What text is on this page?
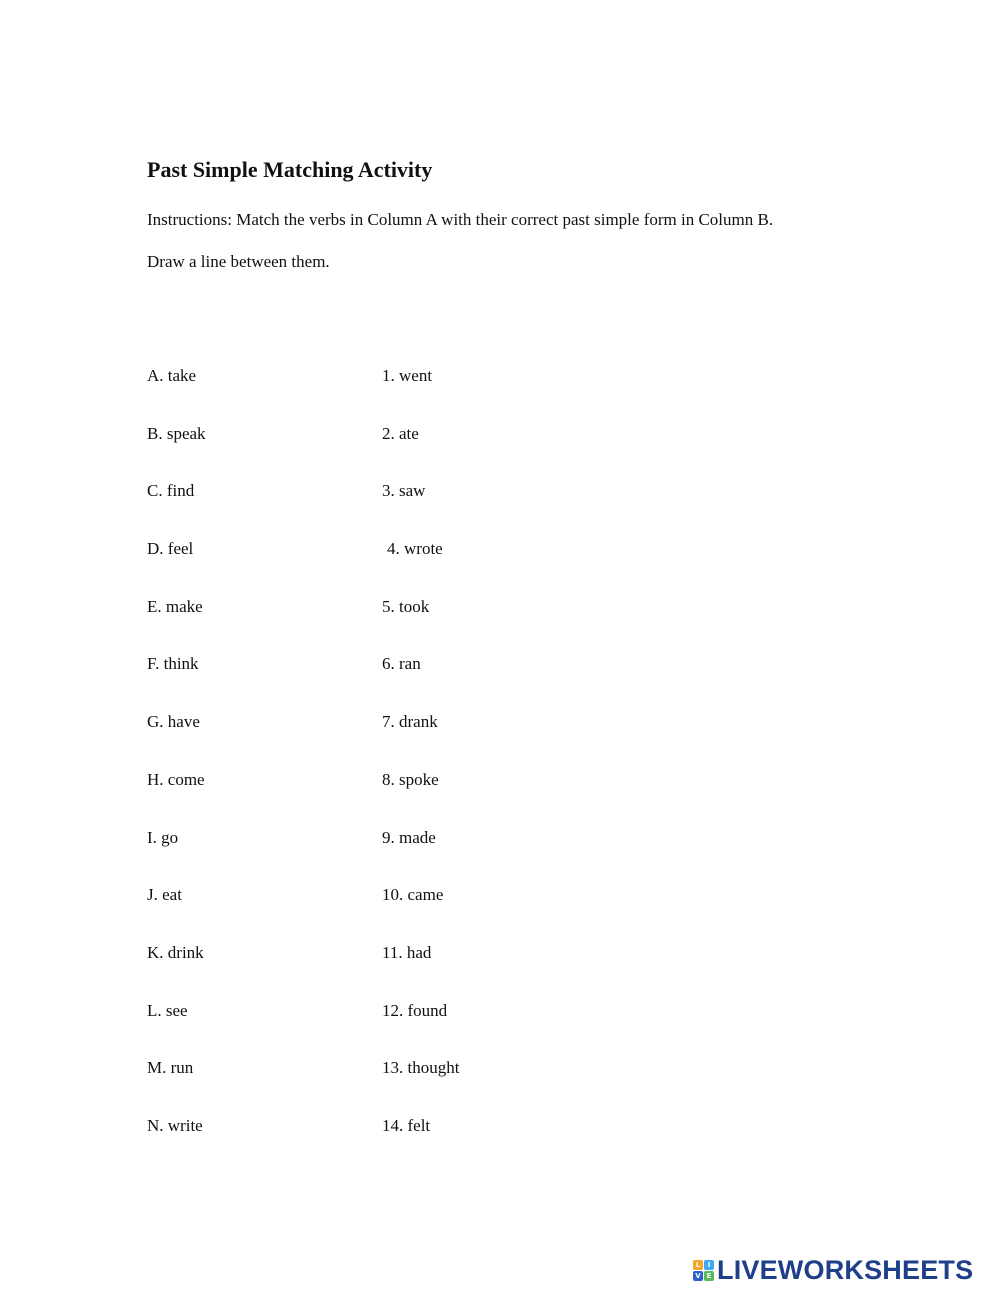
Past Simple Matching Activity

Instructions: Match the verbs in Column A with their correct past simple form in Column B.

Draw a line between them.

A. take	1. went
B. speak	2. ate
C. find	3. saw
D. feel	4. wrote
E. make	5. took
F. think	6. ran
G. have	7. drank
H. come	8. spoke
I. go	9. made
J. eat	10. came
K. drink	11. had
L. see	12. found
M. run	13. thought
N. write	14. felt
L	I
V E LIVEWORKSHEETS
